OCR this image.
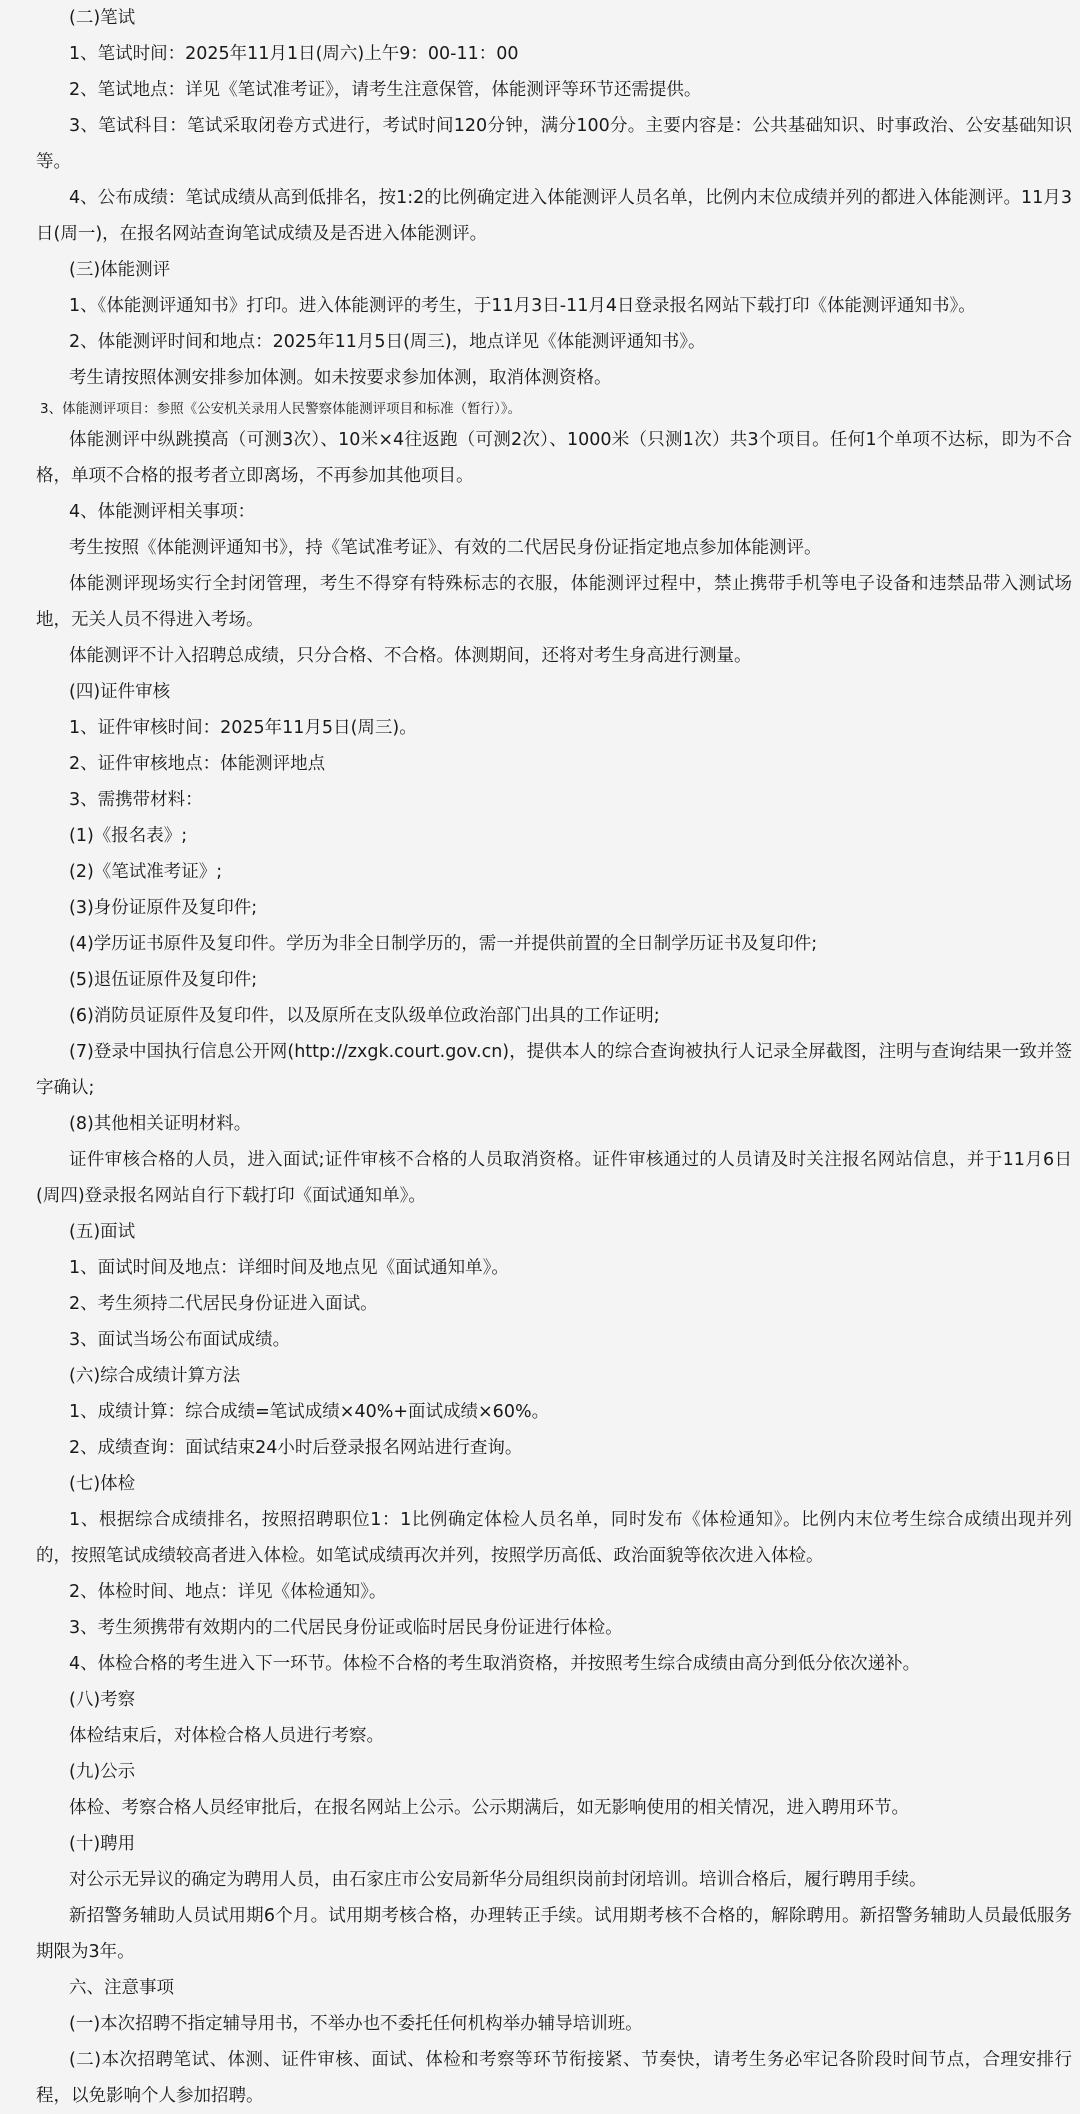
(二)笔试

1、笔试时间：2025年11月1日(周六)上午9：00-11：00

2、笔试地点：详见《笔试准考证》，请考生注意保管，体能测评等环节还需提供。

3、笔试科目：笔试采取闭卷方式进行，考试时间120分钟，满分100分。主要内容是：公共基础知识、时事政治、公安基础知识等。

4、公布成绩：笔试成绩从高到低排名，按1:2的比例确定进入体能测评人员名单，比例内末位成绩并列的都进入体能测评。11月3日(周一)，在报名网站查询笔试成绩及是否进入体能测评。

(三)体能测评

1、《体能测评通知书》打印。进入体能测评的考生，于11月3日-11月4日登录报名网站下载打印《体能测评通知书》。

2、体能测评时间和地点：2025年11月5日(周三)，地点详见《体能测评通知书》。

考生请按照体测安排参加体测。如未按要求参加体测，取消体测资格。

3、体能测评项目：参照《公安机关录用人民警察体能测评项目和标准（暂行）》。

体能测评中纵跳摸高（可测3次）、10米×4往返跑（可测2次）、1000米（只测1次）共3个项目。任何1个单项不达标，即为不合格，单项不合格的报考者立即离场，不再参加其他项目。

4、体能测评相关事项：

考生按照《体能测评通知书》，持《笔试准考证》、有效的二代居民身份证指定地点参加体能测评。

体能测评现场实行全封闭管理，考生不得穿有特殊标志的衣服，体能测评过程中，禁止携带手机等电子设备和违禁品带入测试场地，无关人员不得进入考场。

体能测评不计入招聘总成绩，只分合格、不合格。体测期间，还将对考生身高进行测量。

(四)证件审核

1、证件审核时间：2025年11月5日(周三)。

2、证件审核地点：体能测评地点

3、需携带材料：

(1)《报名表》;

(2)《笔试准考证》;

(3)身份证原件及复印件;

(4)学历证书原件及复印件。学历为非全日制学历的，需一并提供前置的全日制学历证书及复印件;

(5)退伍证原件及复印件;

(6)消防员证原件及复印件，以及原所在支队级单位政治部门出具的工作证明;

(7)登录中国执行信息公开网(http://zxgk.court.gov.cn)，提供本人的综合查询被执行人记录全屏截图，注明与查询结果一致并签字确认;

(8)其他相关证明材料。

证件审核合格的人员，进入面试;证件审核不合格的人员取消资格。证件审核通过的人员请及时关注报名网站信息，并于11月6日(周四)登录报名网站自行下载打印《面试通知单》。

(五)面试

1、面试时间及地点：详细时间及地点见《面试通知单》。

2、考生须持二代居民身份证进入面试。

3、面试当场公布面试成绩。

(六)综合成绩计算方法

1、成绩计算：综合成绩=笔试成绩×40%+面试成绩×60%。

2、成绩查询：面试结束24小时后登录报名网站进行查询。

(七)体检

1、根据综合成绩排名，按照招聘职位1：1比例确定体检人员名单，同时发布《体检通知》。比例内末位考生综合成绩出现并列的，按照笔试成绩较高者进入体检。如笔试成绩再次并列，按照学历高低、政治面貌等依次进入体检。

2、体检时间、地点：详见《体检通知》。

3、考生须携带有效期内的二代居民身份证或临时居民身份证进行体检。

4、体检合格的考生进入下一环节。体检不合格的考生取消资格，并按照考生综合成绩由高分到低分依次递补。

(八)考察

体检结束后，对体检合格人员进行考察。

(九)公示

体检、考察合格人员经审批后，在报名网站上公示。公示期满后，如无影响使用的相关情况，进入聘用环节。

(十)聘用

对公示无异议的确定为聘用人员，由石家庄市公安局新华分局组织岗前封闭培训。培训合格后，履行聘用手续。

新招警务辅助人员试用期6个月。试用期考核合格，办理转正手续。试用期考核不合格的，解除聘用。新招警务辅助人员最低服务期限为3年。

六、注意事项

(一)本次招聘不指定辅导用书，不举办也不委托任何机构举办辅导培训班。

(二)本次招聘笔试、体测、证件审核、面试、体检和考察等环节衔接紧、节奏快，请考生务必牢记各阶段时间节点，合理安排行程，以免影响个人参加招聘。
